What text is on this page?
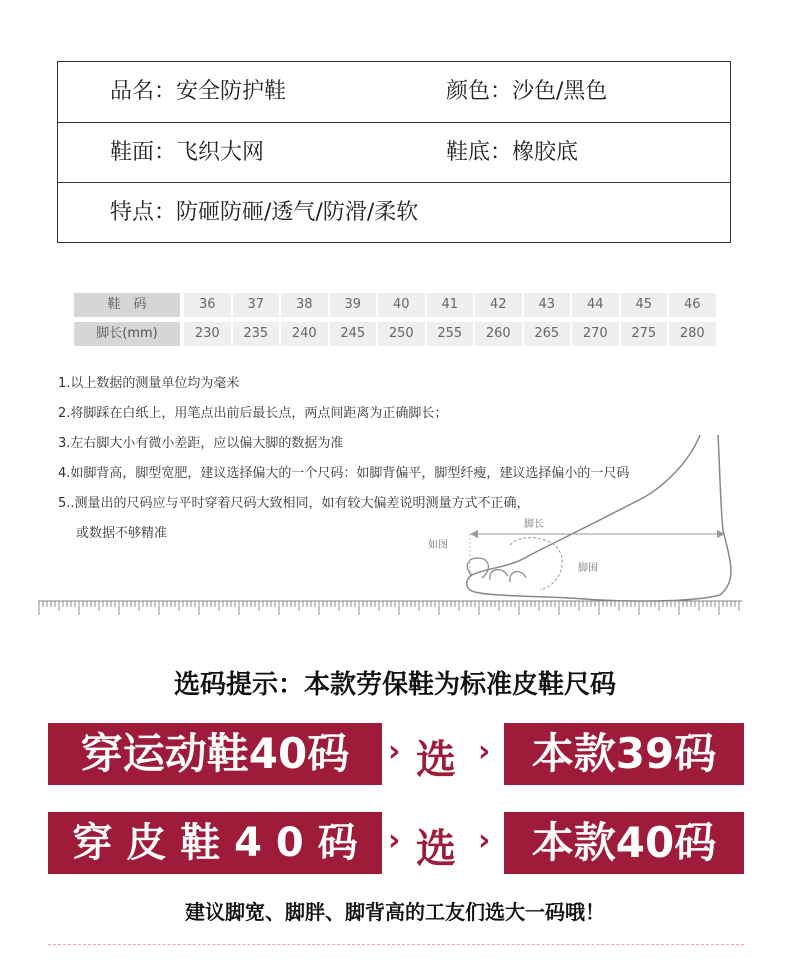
品名：安全防护鞋	颜色：沙色/黑色
鞋面：飞织大网	鞋底：橡胶底
特点：防砸防砸/透气/防滑/柔软
鞋　码	36	37	38	39	40	41	42	43	44	45	46
脚长(mm)	230	235	240	245	250	255	260	265	270	275	280
1.以上数据的测量单位均为毫米
2.将脚踩在白纸上，用笔点出前后最长点，两点间距离为正确脚长；
3.左右脚大小有微小差距，应以偏大脚的数据为准
4.如脚背高，脚型宽肥，建议选择偏大的一个尺码：如脚背偏平，脚型纤瘦，建议选择偏小的一尺码
5..测量出的尺码应与平时穿着尺码大致相同，如有较大偏差说明测量方式不正确，
或数据不够精准
脚长
如图
脚围
选码提示：本款劳保鞋为标准皮鞋尺码
穿运动鞋40码	› 选 › 本款39码
穿 皮 鞋 4 0 码	› 选 › 本款40码
建议脚宽、脚胖、脚背高的工友们选大一码哦！
